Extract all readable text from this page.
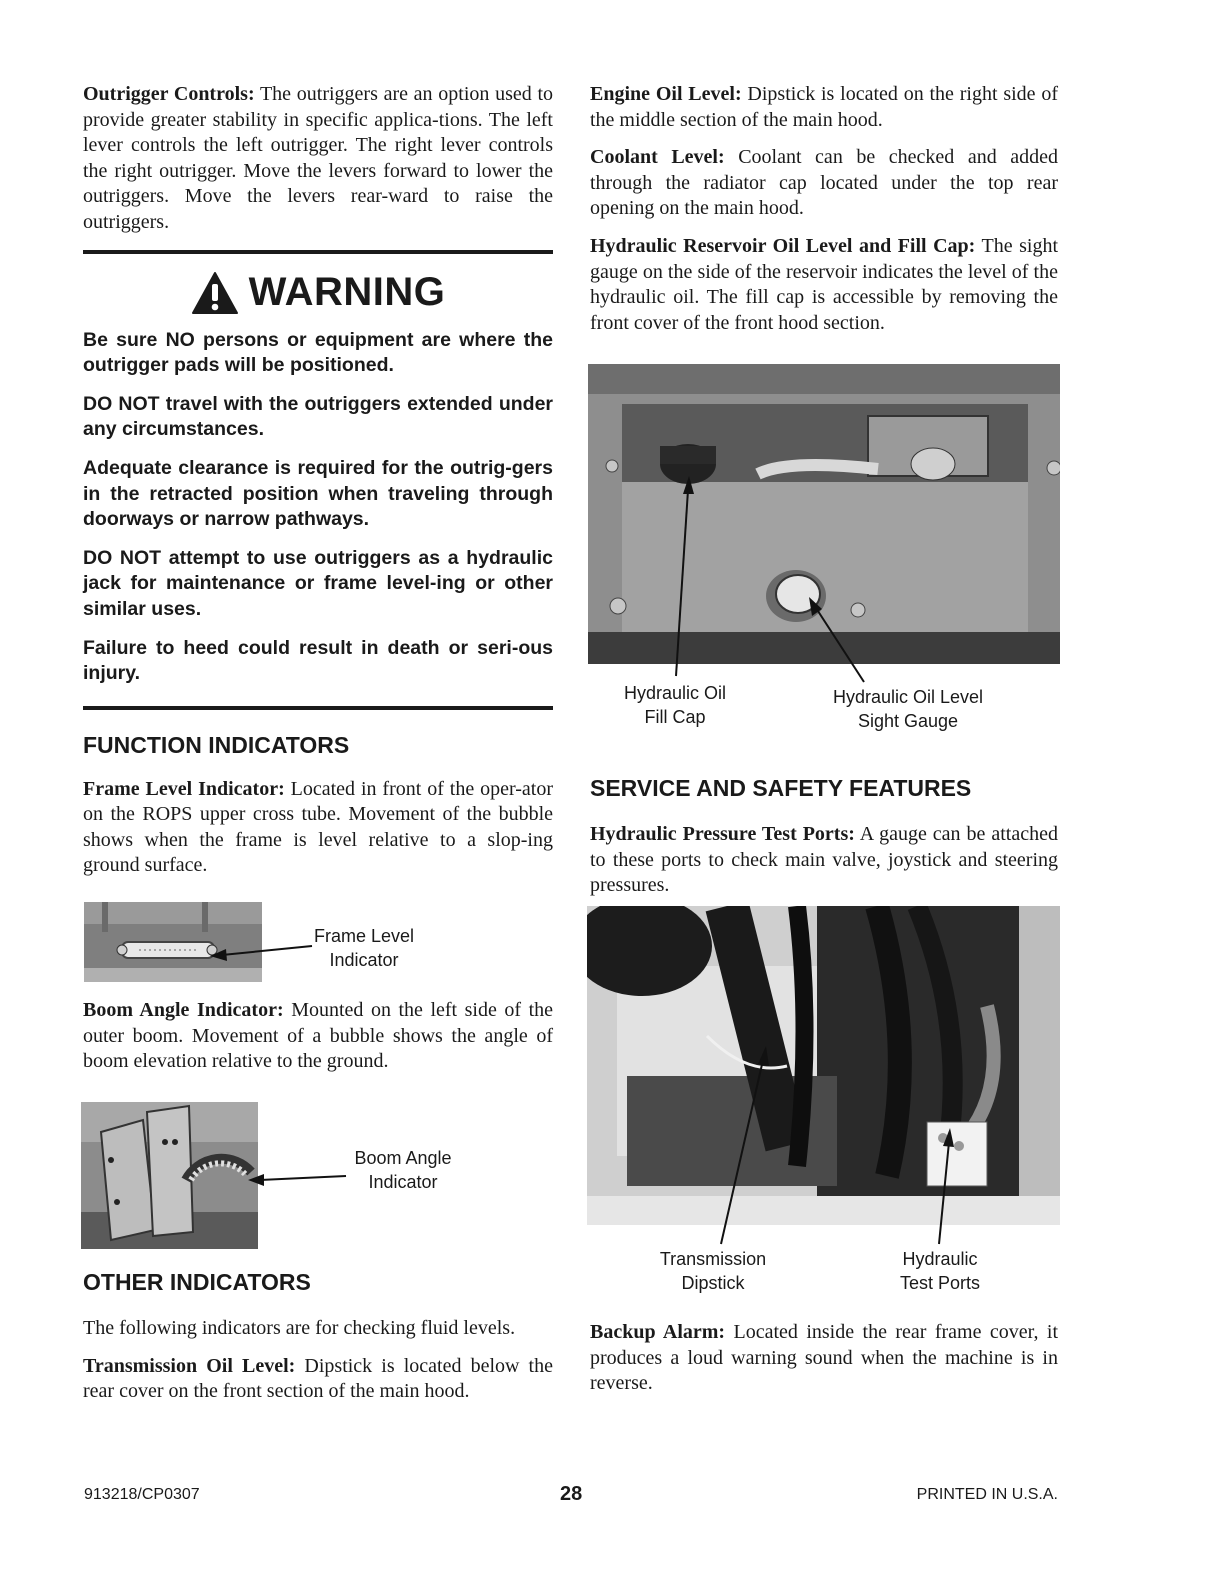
Outrigger Controls: The outriggers are an option used to provide greater stability in specific applica-tions. The left lever controls the left outrigger. The right lever controls the right outrigger. Move the levers forward to lower the outriggers. Move the levers rear-ward to raise the outriggers.

WARNING

Be sure NO persons or equipment are where the outrigger pads will be positioned.

DO NOT travel with the outriggers extended under any circumstances.

Adequate clearance is required for the outrig-gers in the retracted position when traveling through doorways or narrow pathways.

DO NOT attempt to use outriggers as a hydraulic jack for maintenance or frame level-ing or other similar uses.

Failure to heed could result in death or seri-ous injury.

FUNCTION INDICATORS

Frame Level Indicator: Located in front of the oper-ator on the ROPS upper cross tube. Movement of the bubble shows when the frame is level relative to a slop-ing ground surface.

Frame Level
Indicator

Boom Angle Indicator: Mounted on the left side of the outer boom. Movement of a bubble shows the angle of boom elevation relative to the ground.

Boom Angle
Indicator
OTHER INDICATORS

The following indicators are for checking fluid levels.

Transmission Oil Level: Dipstick is located below the rear cover on the front section of the main hood.

Engine Oil Level: Dipstick is located on the right side of the middle section of the main hood.

Coolant Level: Coolant can be checked and added through the radiator cap located under the top rear opening on the main hood.

Hydraulic Reservoir Oil Level and Fill Cap: The sight gauge on the side of the reservoir indicates the level of the hydraulic oil. The fill cap is accessible by removing the front cover of the front hood section.

Hydraulic Oil
Fill Cap
Hydraulic Oil Level
Sight Gauge
SERVICE AND SAFETY FEATURES

Hydraulic Pressure Test Ports: A gauge can be attached to these ports to check main valve, joystick and steering pressures.

Transmission
Dipstick
Hydraulic
Test Ports

Backup Alarm: Located inside the rear frame cover, it produces a loud warning sound when the machine is in reverse.

913218/CP0307	28	PRINTED IN U.S.A.
